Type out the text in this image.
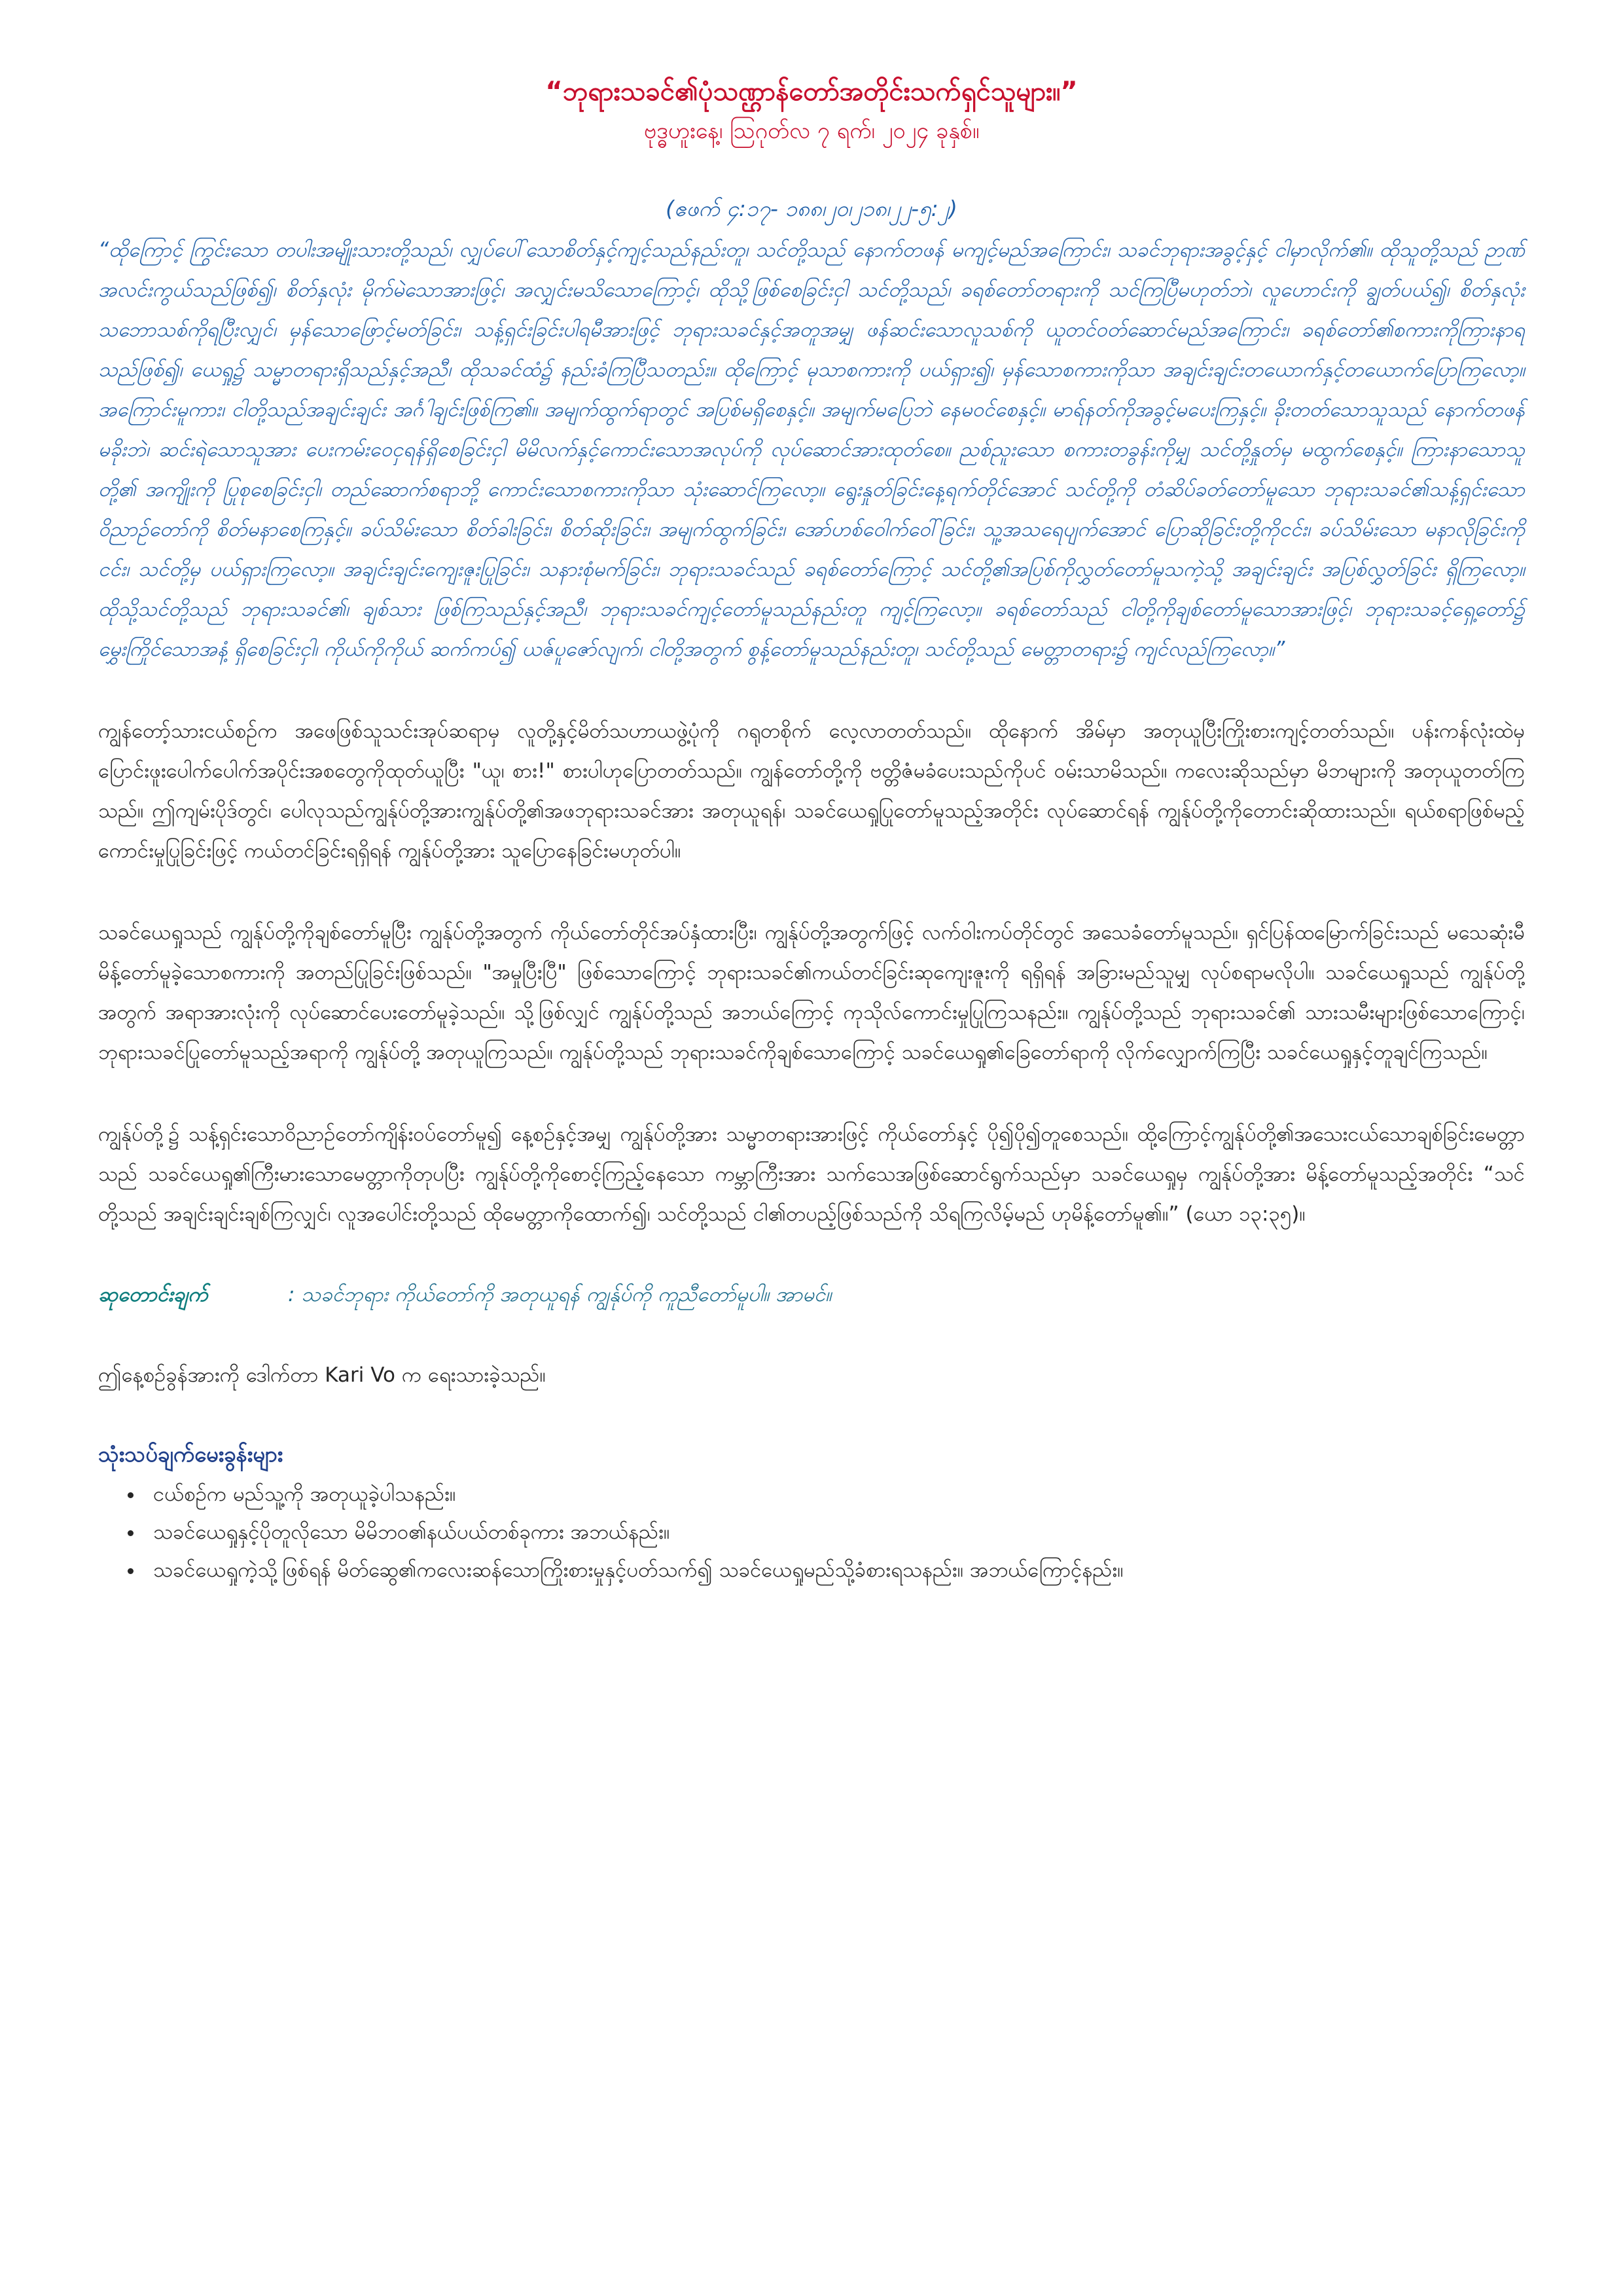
“ဘုရားသခင်၏ပုံသဏ္ဌာန်တော်အတိုင်းသက်ရှင်သူများ။”
ဗုဒ္ဓဟူးနေ့၊ ဩဂုတ်လ ၇ ရက်၊ ၂၀၂၄ ခုနှစ်။
(ဧဖက် ၄:၁၇- ၁၈၈၊၂၀၊၂၁၈၊၂၂-၅:၂)

“ထိုကြောင့် ကြွင်းသော တပါးအမျိုးသားတို့သည်၊ လျှပ်ပေါ်သောစိတ်နှင့်ကျင့်သည်နည်းတူ၊ သင်တို့သည် နောက်တဖန် မကျင့်မည်အကြောင်း၊ သခင်ဘုရားအခွင့်နှင့် ငါမှာလိုက်၏။ ထိုသူတို့သည် ဉာဏ်အလင်းကွယ်သည်ဖြစ်၍၊ စိတ်နှလုံး မိုက်မဲသောအားဖြင့်၊ အလျှင်းမသိသောကြောင့်၊ ထိုသို့ဖြစ်စေခြင်းငှါ သင်တို့သည်၊ ခရစ်တော်တရားကို သင်ကြပြီမဟုတ်ဘဲ၊ လူဟောင်းကို ချွတ်ပယ်၍၊ စိတ်နှလုံးသဘောသစ်ကိုရပြီးလျှင်၊ မှန်သောဖြောင့်မတ်ခြင်း၊ သန့်ရှင်းခြင်းပါရမီအားဖြင့် ဘုရားသခင်နှင့်အတူအမျှ ဖန်ဆင်းသောလူသစ်ကို ယူတင်ဝတ်ဆောင်မည်အကြောင်း၊ ခရစ်တော်၏စကားကိုကြားနာရသည်ဖြစ်၍၊ ယေရှု၌ သမ္မာတရားရှိသည်နှင့်အညီ၊ ထိုသခင်ထံ၌ နည်းခံကြပြီသတည်း။ ထိုကြောင့် မုသာစကားကို ပယ်ရှား၍၊ မှန်သောစကားကိုသာ အချင်းချင်းတယောက်နှင့်တယောက်ပြောကြလော့။ အကြောင်းမူကား၊ ငါတို့သည်အချင်းချင်း အင်္ဂါချင်းဖြစ်ကြ၏။ အမျက်ထွက်ရာတွင် အပြစ်မရှိစေနှင့်။ အမျက်မပြေဘဲ နေမဝင်စေနှင့်။ မာရ်နတ်ကိုအခွင့်မပေးကြနှင့်။ ခိုးတတ်သောသူသည် နောက်တဖန်မခိုးဘဲ၊ ဆင်းရဲသောသူအား ပေးကမ်းဝေငှရန်ရှိစေခြင်းငှါ မိမိလက်နှင့်ကောင်းသောအလုပ်ကို လုပ်ဆောင်အားထုတ်စေ။ ညစ်ညူးသော စကားတခွန်းကိုမျှ သင်တို့နှုတ်မှ မထွက်စေနှင့်။ ကြားနာသောသူတို့၏ အကျိုးကို ပြုစုစေခြင်းငှါ၊ တည်ဆောက်စရာဘို့ ကောင်းသောစကားကိုသာ သုံးဆောင်ကြလော့။ ရွေးနှုတ်ခြင်းနေ့ရက်တိုင်အောင် သင်တို့ကို တံဆိပ်ခတ်တော်မူသော ဘုရားသခင်၏သန့်ရှင်းသောဝိညာဉ်တော်ကို စိတ်မနာစေကြနှင့်။ ခပ်သိမ်းသော စိတ်ခါးခြင်း၊ စိတ်ဆိုးခြင်း၊ အမျက်ထွက်ခြင်း၊ အော်ဟစ်ဝေါက်ဝေါ်ခြင်း၊ သူ့အသရေပျက်အောင် ပြောဆိုခြင်းတို့ကိုငင်း၊ ခပ်သိမ်းသော မနာလိုခြင်းကိုငင်း၊ သင်တို့မှ ပယ်ရှားကြလော့။ အချင်းချင်းကျေးဇူးပြုခြင်း၊ သနားစုံမက်ခြင်း၊ ဘုရားသခင်သည် ခရစ်တော်ကြောင့် သင်တို့၏အပြစ်ကိုလွှတ်တော်မူသကဲ့သို့ အချင်းချင်း အပြစ်လွှတ်ခြင်း ရှိကြလော့။ထိုသို့သင်တို့သည် ဘုရားသခင်၏၊ ချစ်သား ဖြစ်ကြသည်နှင့်အညီ၊ ဘုရားသခင်ကျင့်တော်မူသည်နည်းတူ ကျင့်ကြလော့။ ခရစ်တော်သည် ငါတို့ကိုချစ်တော်မူသောအားဖြင့်၊ ဘုရားသခင့်ရှေ့တော်၌ မွှေးကြိုင်သောအနံ့ ရှိစေခြင်းငှါ၊ ကိုယ်ကိုကိုယ် ဆက်ကပ်၍ ယဇ်ပူဇော်လျက်၊ ငါတို့အတွက် စွန့်တော်မူသည်နည်းတူ၊ သင်တို့သည် မေတ္တာတရား၌ ကျင်လည်ကြလော့။”

ကျွန်တော့်သားငယ်စဉ်က အဖေဖြစ်သူသင်းအုပ်ဆရာမှ လူတို့နှင့်မိတ်သဟာယဖွဲ့ပုံကို ဂရုတစိုက် လေ့လာတတ်သည်။ ထိုနောက် အိမ်မှာ အတုယူပြီးကြိုးစားကျင့်တတ်သည်။ ပန်းကန်လုံးထဲမှ ပြောင်းဖူးပေါက်ပေါက်အပိုင်းအစတွေကိုထုတ်ယူပြီး "ယူ၊ စား!" စားပါဟုပြောတတ်သည်။ ကျွန်တော်တို့ကို ဗတ္တိဇံမခံပေးသည်ကိုပင် ဝမ်းသာမိသည်။ ကလေးဆိုသည်မှာ မိဘများကို အတုယူတတ်ကြသည်။ ဤကျမ်းပိုဒ်တွင်၊ ပေါလုသည်ကျွန်ုပ်တို့အားကျွန်ုပ်တို့၏အဖဘုရားသခင်အား အတုယူရန်၊ သခင်ယေရှုပြုတော်မူသည့်အတိုင်း လုပ်ဆောင်ရန် ကျွန်ုပ်တို့ကိုတောင်းဆိုထားသည်။ ရယ်စရာဖြစ်မည့် ကောင်းမှုပြုခြင်းဖြင့် ကယ်တင်ခြင်းရရှိရန် ကျွန်ုပ်တို့အား သူပြောနေခြင်းမဟုတ်ပါ။

သခင်ယေရှုသည် ကျွန်ုပ်တို့ကိုချစ်တော်မူပြီး ကျွန်ုပ်တို့အတွက် ကိုယ်တော်တိုင်အပ်နှံထားပြီး၊ ကျွန်ုပ်တို့အတွက်ဖြင့် လက်ဝါးကပ်တိုင်တွင် အသေခံတော်မူသည်။ ရှင်ပြန်ထမြောက်ခြင်းသည် မသေဆုံးမီ မိန့်တော်မူခဲ့သောစကားကို အတည်ပြုခြင်းဖြစ်သည်။ "အမှုပြီးပြီ" ဖြစ်သောကြောင့် ဘုရားသခင်၏ကယ်တင်ခြင်းဆုကျေးဇူးကို ရရှိရန် အခြားမည်သူမျှ လုပ်စရာမလိုပါ။ သခင်ယေရှုသည် ကျွန်ုပ်တို့အတွက် အရာအားလုံးကို လုပ်ဆောင်ပေးတော်မူခဲ့သည်။ သို့ဖြစ်လျှင် ကျွန်ုပ်တို့သည် အဘယ်ကြောင့် ကုသိုလ်ကောင်းမှုပြုကြသနည်း။ ကျွန်ုပ်တို့သည် ဘုရားသခင်၏ သားသမီးများဖြစ်သောကြောင့်၊ ဘုရားသခင်ပြုတော်မူသည့်အရာကို ကျွန်ုပ်တို့ အတုယူကြသည်။ ကျွန်ုပ်တို့သည် ဘုရားသခင်ကိုချစ်သောကြောင့် သခင်ယေရှု၏ခြေတော်ရာကို လိုက်လျှောက်ကြပြီး သခင်ယေရှုနှင့်တူချင်ကြသည်။

ကျွန်ုပ်တို့၌ သန့်ရှင်းသောဝိညာဉ်တော်ကျိန်းဝပ်တော်မူ၍ နေ့စဉ်နှင့်အမျှ ကျွန်ုပ်တို့အား သမ္မာတရားအားဖြင့် ကိုယ်တော်နှင့် ပို၍ပို၍တူစေသည်။ ထို့ကြောင့်ကျွန်ုပ်တို့၏အသေးငယ်သောချစ်ခြင်းမေတ္တာသည် သခင်ယေရှု၏ကြီးမားသောမေတ္တာကိုတုပပြီး ကျွန်ုပ်တို့ကိုစောင့်ကြည့်နေသော ကမ္ဘာကြီးအား သက်သေအဖြစ်ဆောင်ရွက်သည်မှာ သခင်ယေရှုမှ ကျွန်ုပ်တို့အား မိန့်တော်မူသည့်အတိုင်း “သင်တို့သည် အချင်းချင်းချစ်ကြလျှင်၊ လူအပေါင်းတို့သည် ထိုမေတ္တာကိုထောက်၍၊ သင်တို့သည် ငါ၏တပည့်ဖြစ်သည်ကို သိရကြလိမ့်မည် ဟုမိန့်တော်မူ၏။” (ယော ၁၃:၃၅)။

ဆုတောင်းချက်	: သခင်ဘုရား ကိုယ်တော်ကို အတုယူရန် ကျွန်ုပ်ကို ကူညီတော်မူပါ။ အာမင်။
ဤနေ့စဉ်ခွန်အားကို ဒေါက်တာ Kari Vo က ရေးသားခဲ့သည်။
သုံးသပ်ချက်မေးခွန်းများ
• ငယ်စဉ်က မည်သူ့ကို အတုယူခဲ့ပါသနည်း။
• သခင်ယေရှုနှင့်ပိုတူလိုသော မိမိဘဝ၏နယ်ပယ်တစ်ခုကား အဘယ်နည်း။
• သခင်ယေရှုကဲ့သို့ဖြစ်ရန် မိတ်ဆွေ၏ကလေးဆန်သောကြိုးစားမှုနှင့်ပတ်သက်၍ သခင်ယေရှုမည်သို့ခံစားရသနည်း။ အဘယ်ကြောင့်နည်း။
